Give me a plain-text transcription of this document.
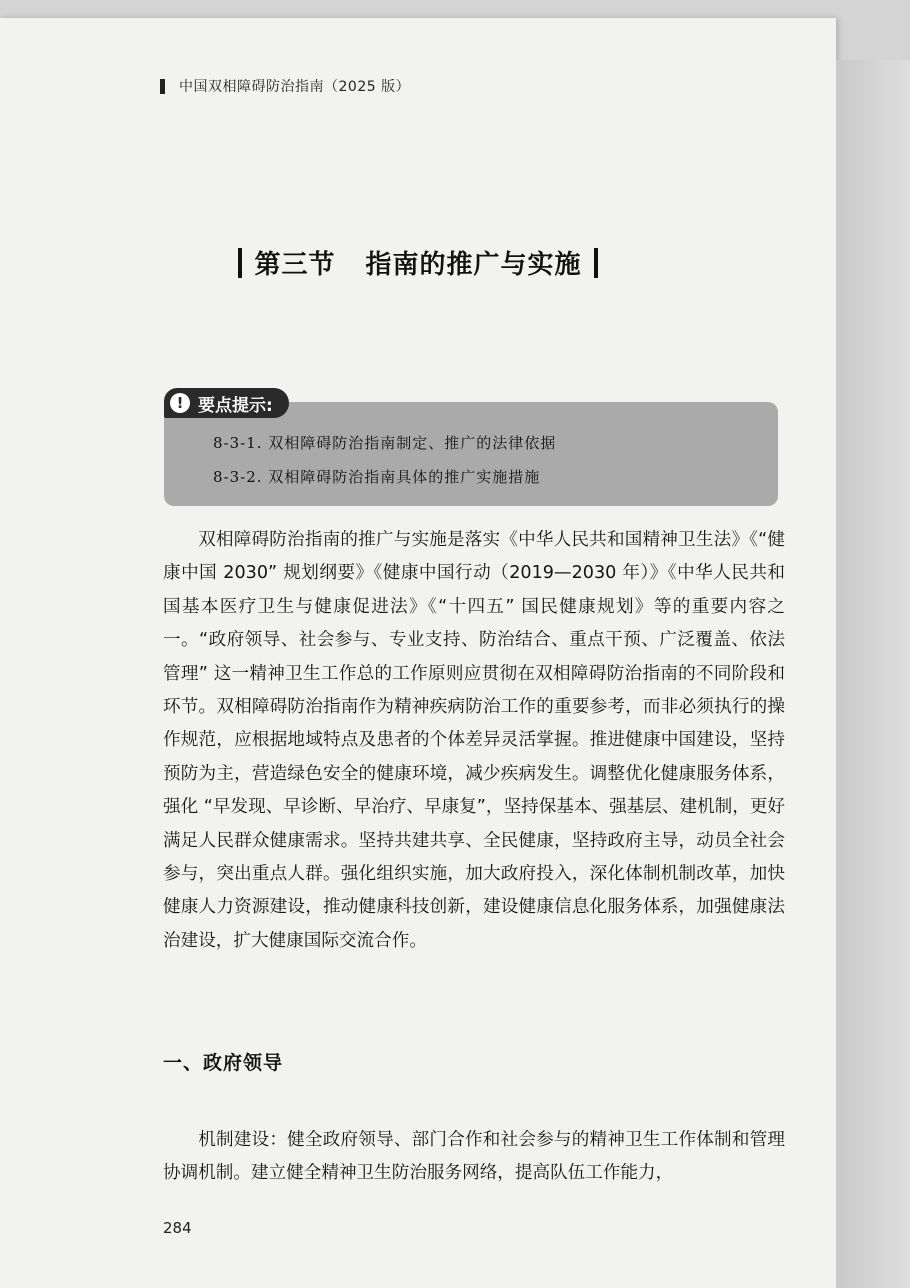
中国双相障碍防治指南（2025 版）
第三节 指南的推广与实施
! 要点提示:
8-3-1. 双相障碍防治指南制定、推广的法律依据
8-3-2. 双相障碍防治指南具体的推广实施措施

双相障碍防治指南的推广与实施是落实《中华人民共和国精神卫生法》《“健康中国 2030” 规划纲要》《健康中国行动（2019—2030 年）》《中华人民共和国基本医疗卫生与健康促进法》《“十四五” 国民健康规划》等的重要内容之一。“政府领导、社会参与、专业支持、防治结合、重点干预、广泛覆盖、依法管理” 这一精神卫生工作总的工作原则应贯彻在双相障碍防治指南的不同阶段和环节。双相障碍防治指南作为精神疾病防治工作的重要参考，而非必须执行的操作规范，应根据地域特点及患者的个体差异灵活掌握。推进健康中国建设，坚持预防为主，营造绿色安全的健康环境，减少疾病发生。调整优化健康服务体系，强化 “早发现、早诊断、早治疗、早康复”，坚持保基本、强基层、建机制，更好满足人民群众健康需求。坚持共建共享、全民健康，坚持政府主导，动员全社会参与，突出重点人群。强化组织实施，加大政府投入，深化体制机制改革，加快健康人力资源建设，推动健康科技创新，建设健康信息化服务体系，加强健康法治建设，扩大健康国际交流合作。

一、政府领导

机制建设：健全政府领导、部门合作和社会参与的精神卫生工作体制和管理协调机制。建立健全精神卫生防治服务网络，提高队伍工作能力，

284
